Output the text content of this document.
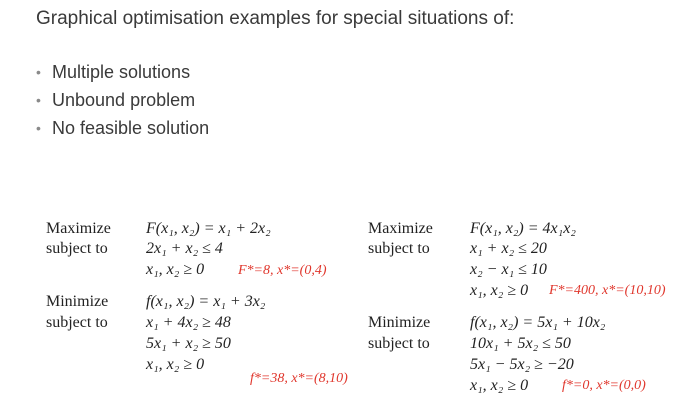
Graphical optimisation examples for special situations of:
• Multiple solutions
• Unbound problem
• No feasible solution
Maximize
subject to
F(x₁, x₂) = x₁ + 2x₂
2x₁ + x₂ ≤ 4
x₁, x₂ ≥ 0 F*=8, x*=(0,4)
Minimize
subject to
f(x₁, x₂) = x₁ + 3x₂
x₁ + 4x₂ ≥ 48
5x₁ + x₂ ≥ 50
x₁, x₂ ≥ 0
f*=38, x*=(8,10)
Maximize
subject to
F(x₁, x₂) = 4x₁x₂
x₁ + x₂ ≤ 20
x₂ − x₁ ≤ 10
x₁, x₂ ≥ 0 F*=400, x*=(10,10)
Minimize
subject to
f(x₁, x₂) = 5x₁ + 10x₂
10x₁ + 5x₂ ≤ 50
5x₁ − 5x₂ ≥ −20
x₁, x₂ ≥ 0 f*=0, x*=(0,0)
